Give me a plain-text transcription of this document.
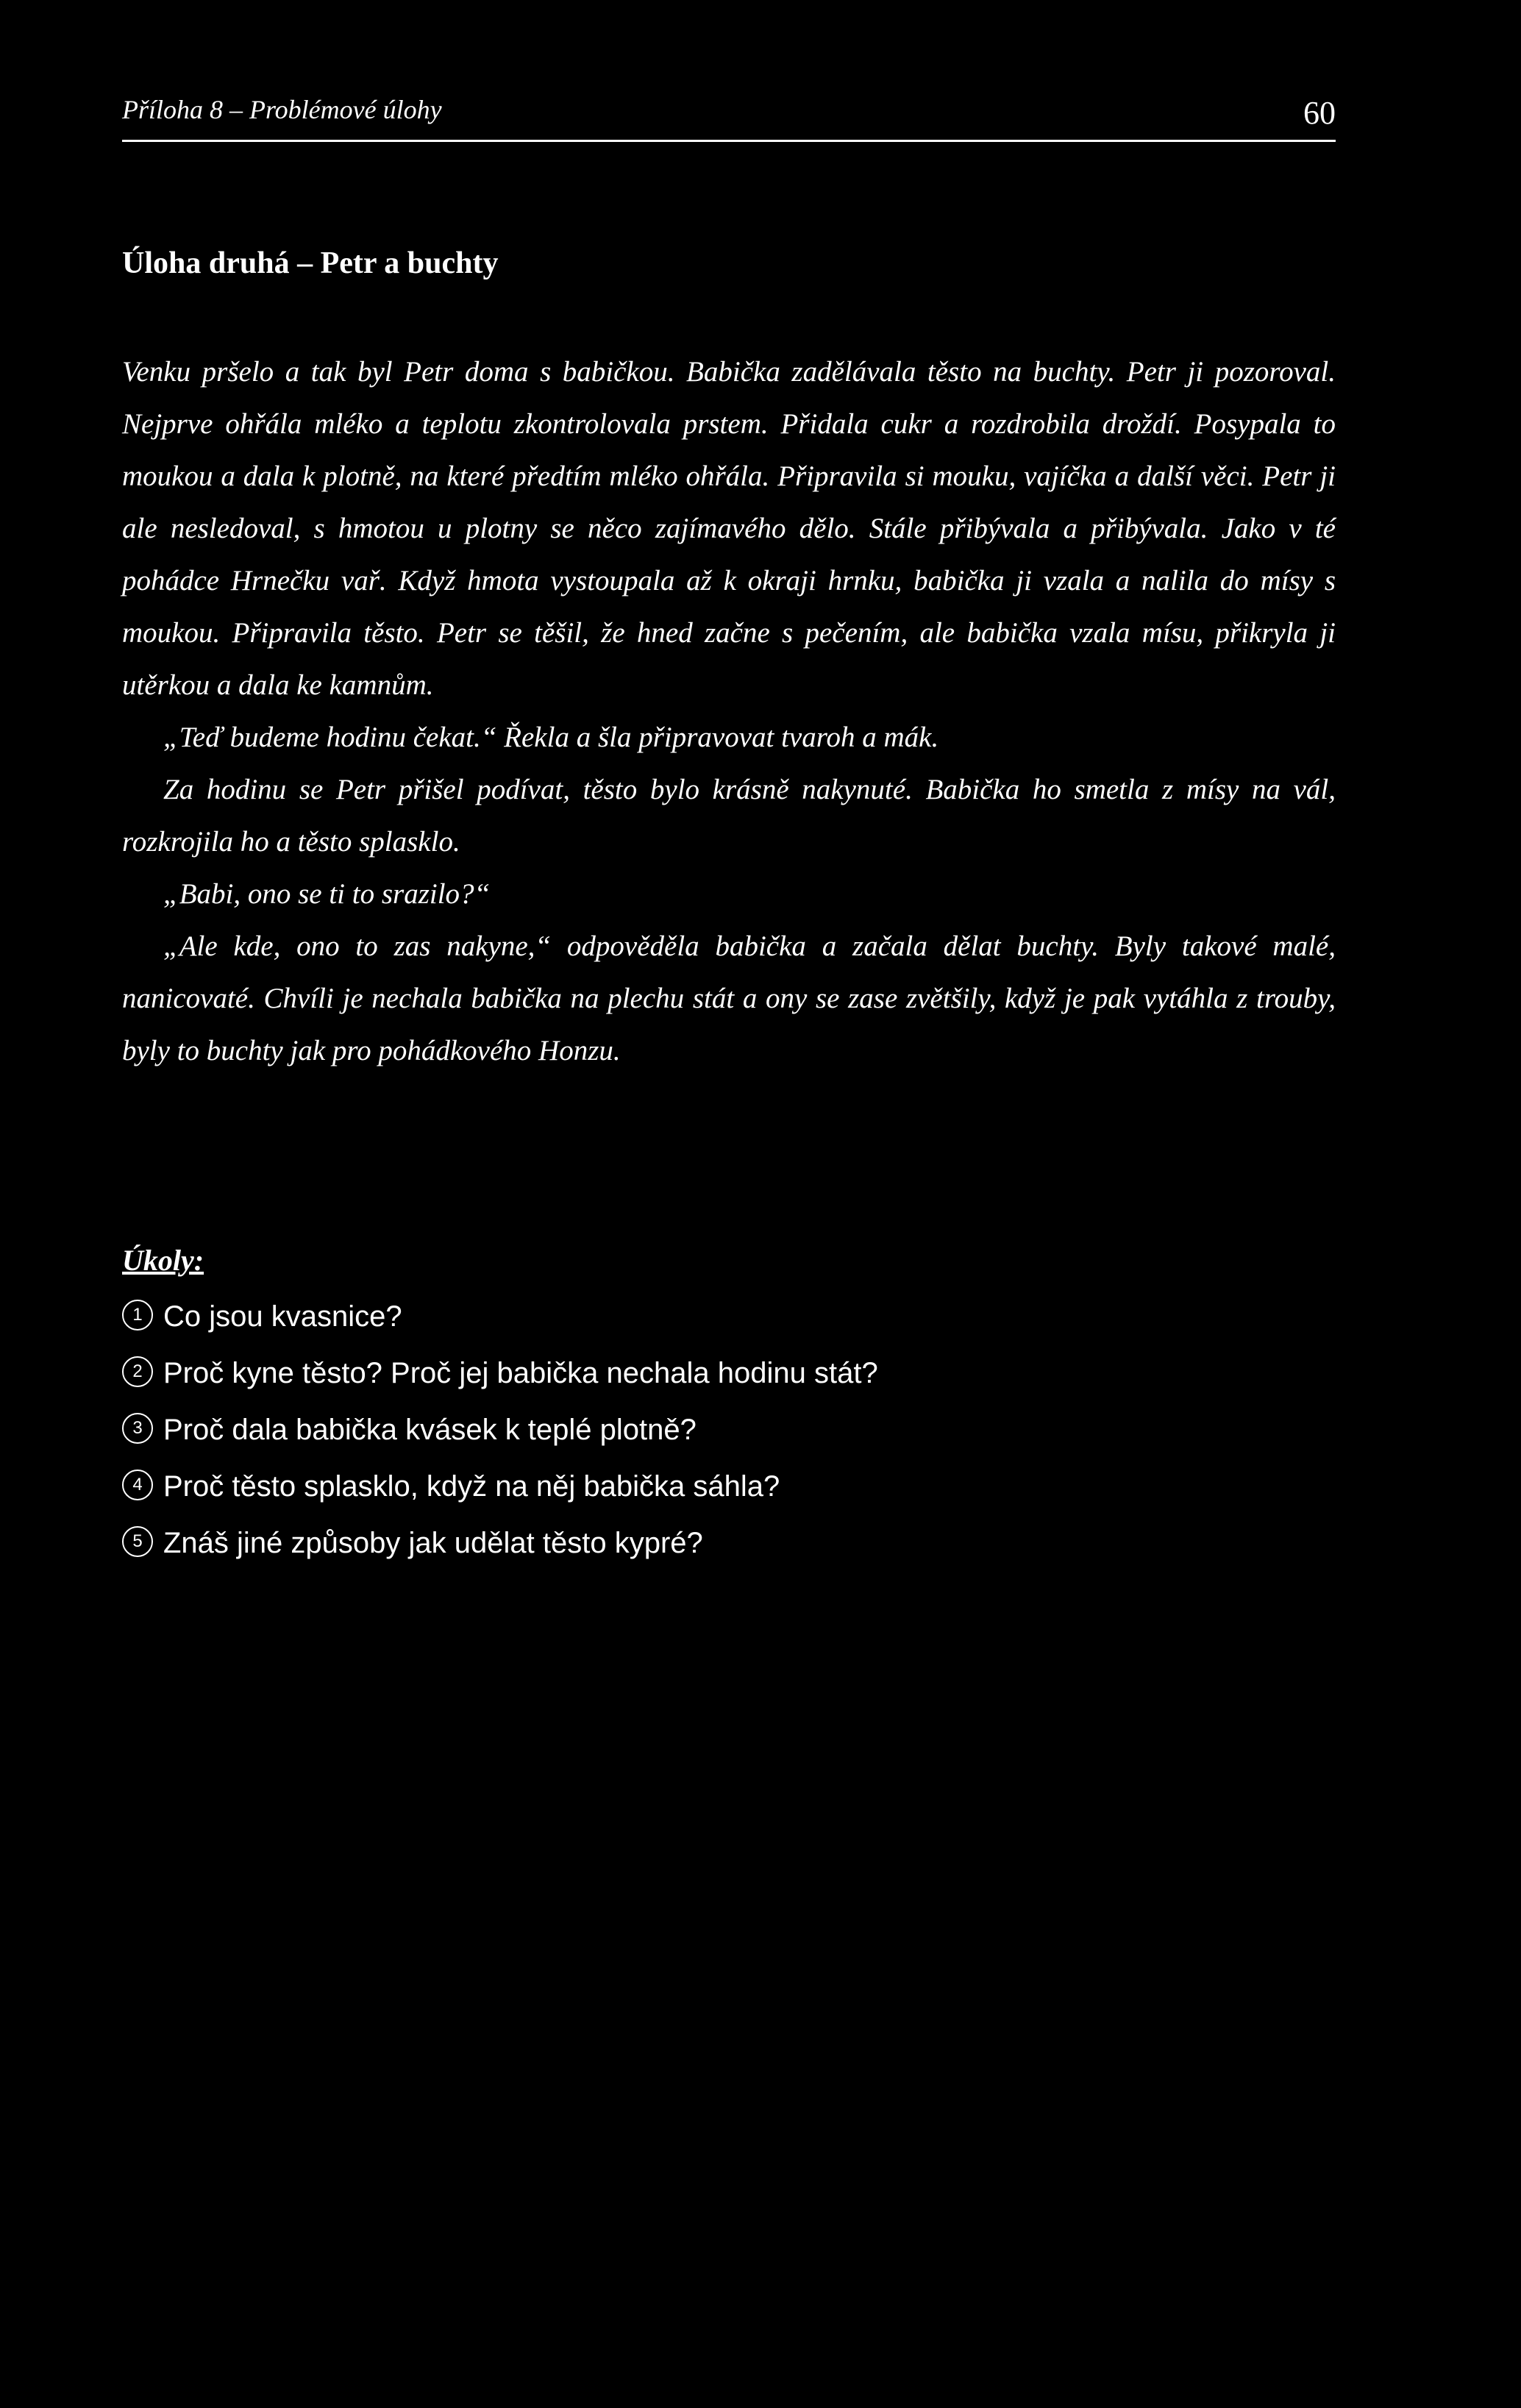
Příloha 8 – Problémové úlohy	60
Úloha druhá – Petr a buchty

Venku pršelo a tak byl Petr doma s babičkou. Babička zadělávala těsto na buchty. Petr ji pozoroval. Nejprve ohřála mléko a teplotu zkontrolovala prstem. Přidala cukr a rozdrobila droždí. Posypala to moukou a dala k plotně, na které předtím mléko ohřála. Připravila si mouku, vajíčka a další věci. Petr ji ale nesledoval, s hmotou u plotny se něco zajímavého dělo. Stále přibývala a přibývala. Jako v té pohádce Hrnečku vař. Když hmota vystoupala až k okraji hrnku, babička ji vzala a nalila do mísy s moukou. Připravila těsto. Petr se těšil, že hned začne s pečením, ale babička vzala mísu, přikryla ji utěrkou a dala ke kamnům.

„Teď budeme hodinu čekat.“ Řekla a šla připravovat tvaroh a mák.

Za hodinu se Petr přišel podívat, těsto bylo krásně nakynuté. Babička ho smetla z mísy na vál, rozkrojila ho a těsto splasklo.

„Babi, ono se ti to srazilo?“

„Ale kde, ono to zas nakyne,“ odpověděla babička a začala dělat buchty. Byly takové malé, nanicovaté. Chvíli je nechala babička na plechu stát a ony se zase zvětšily, když je pak vytáhla z trouby, byly to buchty jak pro pohádkového Honzu.

Úkoly:
1 Co jsou kvasnice?
2 Proč kyne těsto? Proč jej babička nechala hodinu stát?
3 Proč dala babička kvásek k teplé plotně?
4 Proč těsto splasklo, když na něj babička sáhla?
5 Znáš jiné způsoby jak udělat těsto kypré?
